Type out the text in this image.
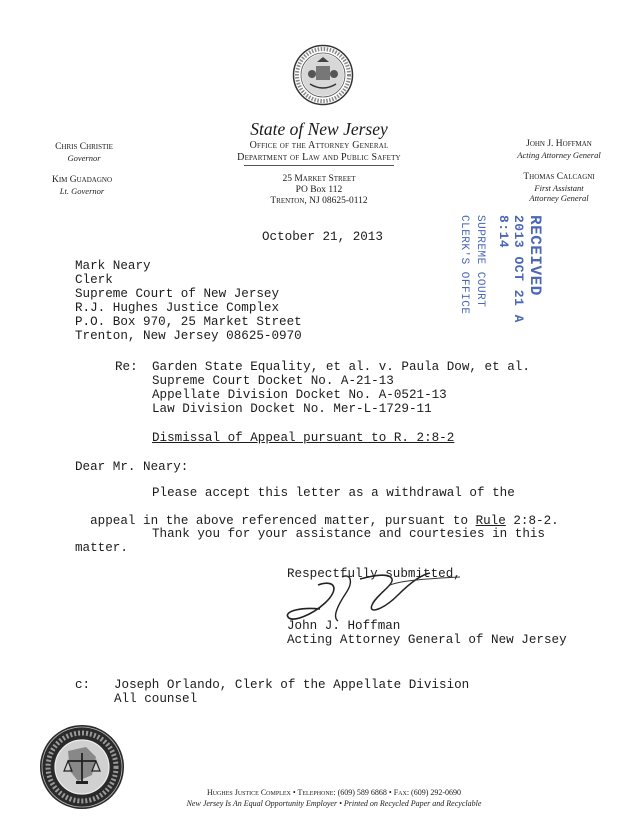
State of New Jersey
Office of the Attorney General
Department of Law and Public Safety
25 Market Street
PO Box 112
Trenton, NJ 08625-0112
Chris Christie
Governor
Kim Guadagno
Lt. Governor
John J. Hoffman
Acting Attorney General
Thomas Calcagni
First Assistant
Attorney General
RECEIVED
2013 OCT 21 A 8:14
SUPREME COURT
CLERK'S OFFICE
October 21, 2013
Mark Neary
Clerk
Supreme Court of New Jersey
R.J. Hughes Justice Complex
P.O. Box 970, 25 Market Street
Trenton, New Jersey 08625-0970
Re: Garden State Equality, et al. v. Paula Dow, et al.
Supreme Court Docket No. A-21-13
Appellate Division Docket No. A-0521-13
Law Division Docket No. Mer-L-1729-11
Dismissal of Appeal pursuant to R. 2:8-2
Dear Mr. Neary:
Please accept this letter as a withdrawal of the

appeal in the above referenced matter, pursuant to Rule 2:8-2.

Thank you for your assistance and courtesies in this
matter.
Respectfully submitted,
John J. Hoffman
Acting Attorney General of New Jersey
c: Joseph Orlando, Clerk of the Appellate Division
All counsel
Hughes Justice Complex • Telephone: (609) 589 6868 • Fax: (609) 292-0690
New Jersey Is An Equal Opportunity Employer • Printed on Recycled Paper and Recyclable
